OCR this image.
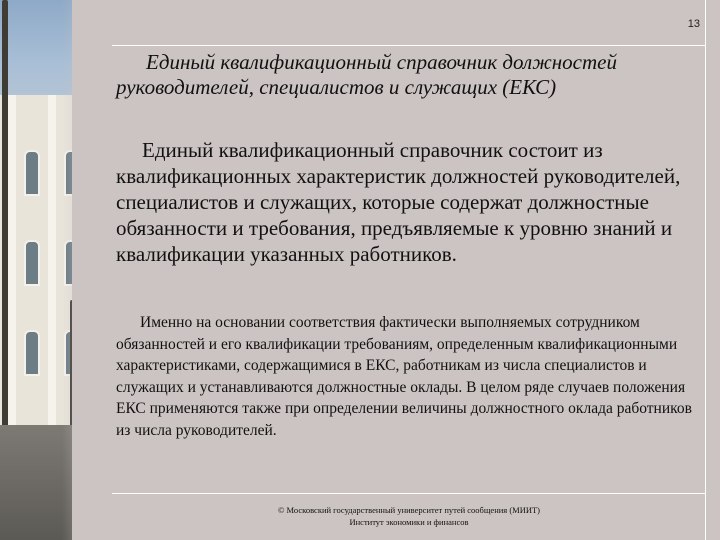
13
Единый квалификационный справочник должностей руководителей, специалистов и служащих (ЕКС)

Единый квалификационный справочник состоит из квалификационных характеристик должностей руководителей, специалистов и служащих, которые содержат должностные обязанности и требования, предъявляемые к уровню знаний и квалификации указанных работников.

Именно на основании соответствия фактически выполняемых сотрудником обязанностей и его квалификации требованиям, определенным квалификационными характеристиками, содержащимися в ЕКС, работникам из числа специалистов и служащих и устанавливаются должностные оклады. В целом ряде случаев положения ЕКС применяются также при определении величины должностного оклада работников из числа руководителей.

© Московский государственный университет путей сообщения (МИИТ)
Институт экономики и финансов
